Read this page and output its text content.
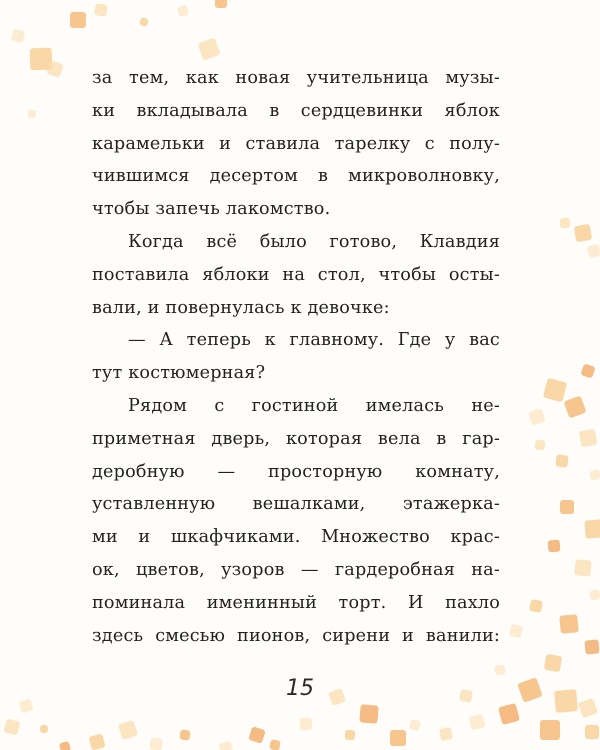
за тем, как новая учительница музы-
ки вкладывала в сердцевинки яблок
карамельки и ставила тарелку с полу-
чившимся десертом в микроволновку,
чтобы запечь лакомство.
Когда всё было готово, Клавдия
поставила яблоки на стол, чтобы осты-
вали, и повернулась к девочке:
— А теперь к главному. Где у вас
тут костюмерная?
Рядом с гостиной имелась не-
приметная дверь, которая вела в гар-
деробную — просторную комнату,
уставленную вешалками, этажерка-
ми и шкафчиками. Множество крас-
ок, цветов, узоров — гардеробная на-
поминала именинный торт. И пахло
здесь смесью пионов, сирени и ванили:
15
